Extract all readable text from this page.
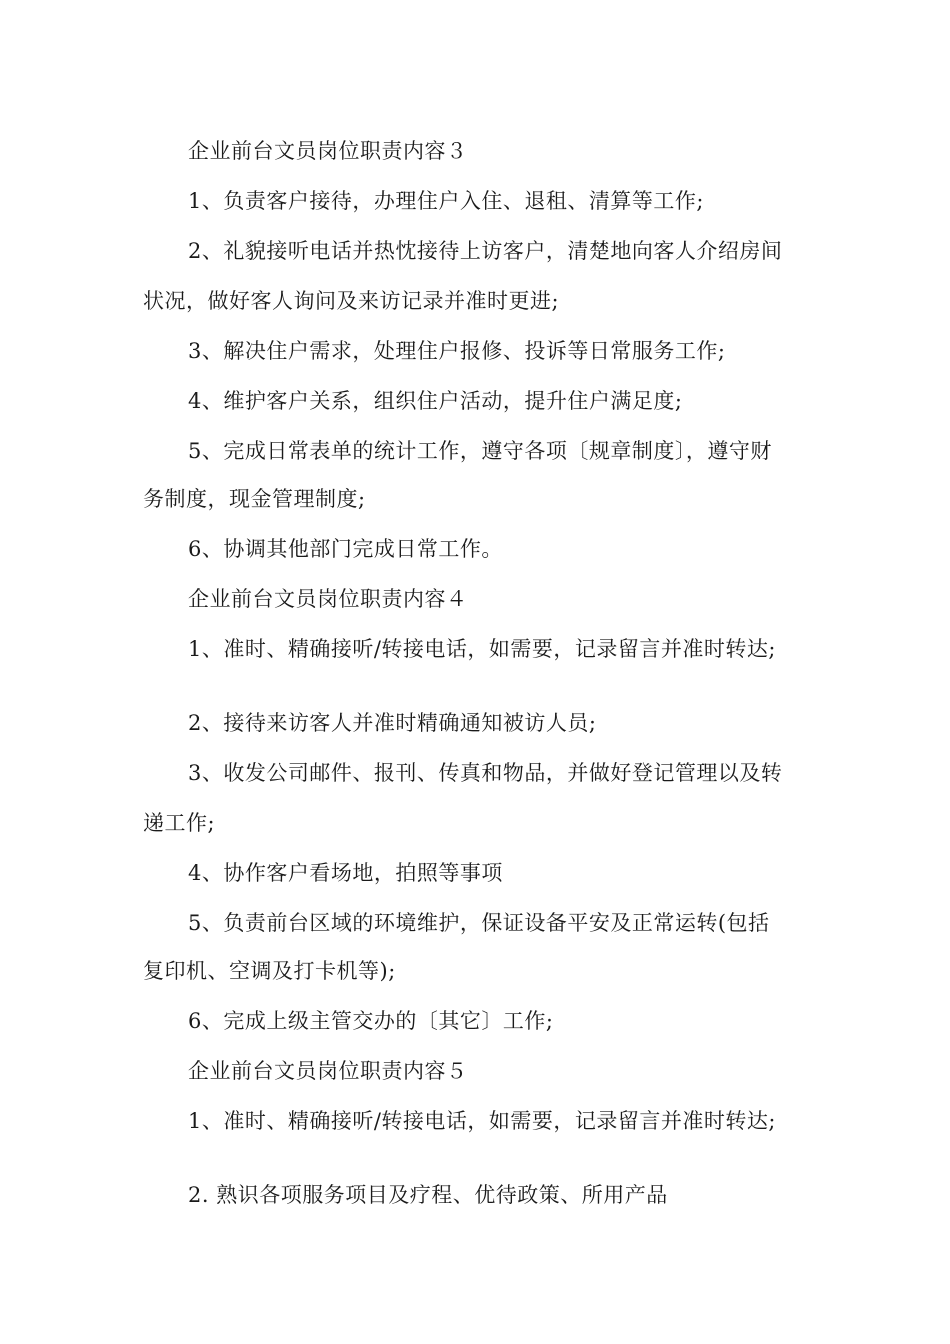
企业前台文员岗位职责内容３
1、负责客户接待，办理住户入住、退租、清算等工作;
2、礼貌接听电话并热忱接待上访客户，清楚地向客人介绍房间
状况，做好客人询问及来访记录并准时更进;
3、解决住户需求，处理住户报修、投诉等日常服务工作;
4、维护客户关系，组织住户活动，提升住户满足度;
5、完成日常表单的统计工作，遵守各项〔规章制度〕，遵守财
务制度，现金管理制度;
6、协调其他部门完成日常工作。
企业前台文员岗位职责内容４
1、准时、精确接听/转接电话，如需要，记录留言并准时转达;
2、接待来访客人并准时精确通知被访人员;
3、收发公司邮件、报刊、传真和物品，并做好登记管理以及转
递工作;
4、协作客户看场地，拍照等事项
5、负责前台区域的环境维护，保证设备平安及正常运转(包括
复印机、空调及打卡机等);
6、完成上级主管交办的〔其它〕工作;
企业前台文员岗位职责内容５
1、准时、精确接听/转接电话，如需要，记录留言并准时转达;
2. 熟识各项服务项目及疗程、优待政策、所用产品
